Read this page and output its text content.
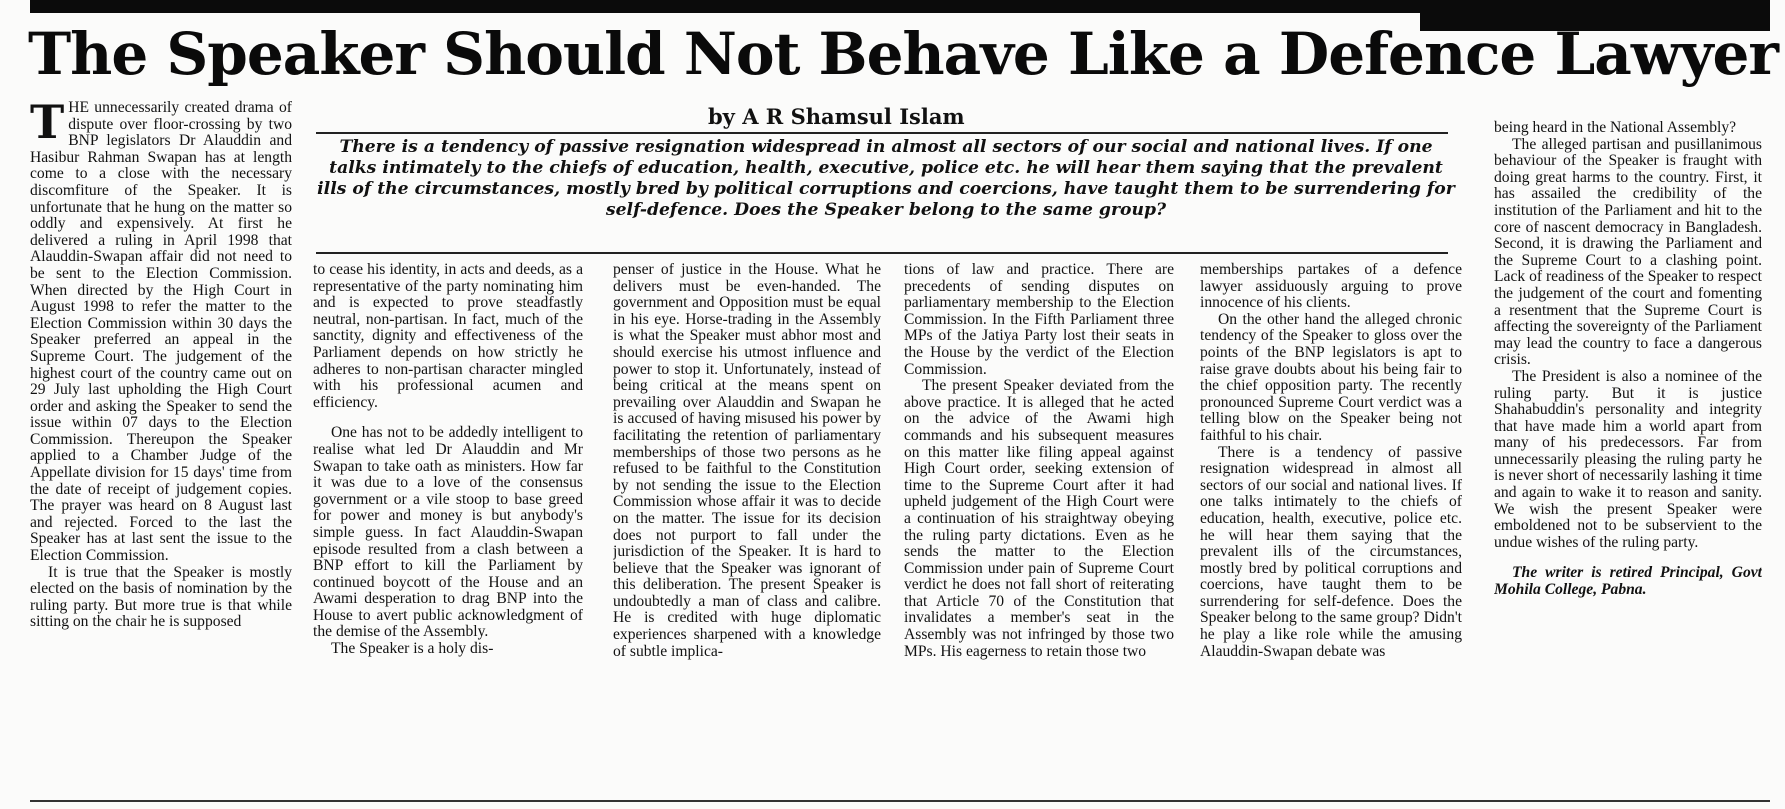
The Speaker Should Not Behave Like a Defence Lawyer
by A R Shamsul Islam

There is a tendency of passive resignation widespread in almost all sectors of our social and national lives. If one talks intimately to the chiefs of education, health, executive, police etc. he will hear them saying that the prevalent ills of the circumstances, mostly bred by political corruptions and coercions, have taught them to be surrendering for self-defence. Does the Speaker belong to the same group?

THE unnecessarily created drama of dispute over floor-crossing by two BNP legislators Dr Alauddin and Hasibur Rahman Swapan has at length come to a close with the necessary discomfiture of the Speaker. It is unfortunate that he hung on the matter so oddly and expensively. At first he delivered a ruling in April 1998 that Alauddin-Swapan affair did not need to be sent to the Election Commission. When directed by the High Court in August 1998 to refer the matter to the Election Commission within 30 days the Speaker preferred an appeal in the Supreme Court. The judgement of the highest court of the country came out on 29 July last upholding the High Court order and asking the Speaker to send the issue within 07 days to the Election Commission. Thereupon the Speaker applied to a Chamber Judge of the Appellate division for 15 days' time from the date of receipt of judgement copies. The prayer was heard on 8 August last and rejected. Forced to the last the Speaker has at last sent the issue to the Election Commission.

It is true that the Speaker is mostly elected on the basis of nomination by the ruling party. But more true is that while sitting on the chair he is supposed

to cease his identity, in acts and deeds, as a representative of the party nominating him and is expected to prove steadfastly neutral, non-partisan. In fact, much of the sanctity, dignity and effectiveness of the Parliament depends on how strictly he adheres to non-partisan character mingled with his professional acumen and efficiency.

One has not to be addedly intelligent to realise what led Dr Alauddin and Mr Swapan to take oath as ministers. How far it was due to a love of the consensus government or a vile stoop to base greed for power and money is but anybody's simple guess. In fact Alauddin-Swapan episode resulted from a clash between a BNP effort to kill the Parliament by continued boycott of the House and an Awami desperation to drag BNP into the House to avert public acknowledgment of the demise of the Assembly.

The Speaker is a holy dis-

penser of justice in the House. What he delivers must be even-handed. The government and Opposition must be equal in his eye. Horse-trading in the Assembly is what the Speaker must abhor most and should exercise his utmost influence and power to stop it. Unfortunately, instead of being critical at the means spent on prevailing over Alauddin and Swapan he is accused of having misused his power by facilitating the retention of parliamentary memberships of those two persons as he refused to be faithful to the Constitution by not sending the issue to the Election Commission whose affair it was to decide on the matter. The issue for its decision does not purport to fall under the jurisdiction of the Speaker. It is hard to believe that the Speaker was ignorant of this deliberation. The present Speaker is undoubtedly a man of class and calibre. He is credited with huge diplomatic experiences sharpened with a knowledge of subtle implica-

tions of law and practice. There are precedents of sending disputes on parliamentary membership to the Election Commission. In the Fifth Parliament three MPs of the Jatiya Party lost their seats in the House by the verdict of the Election Commission.

The present Speaker deviated from the above practice. It is alleged that he acted on the advice of the Awami high commands and his subsequent measures on this matter like filing appeal against High Court order, seeking extension of time to the Supreme Court after it had upheld judgement of the High Court were a continuation of his straightway obeying the ruling party dictations. Even as he sends the matter to the Election Commission under pain of Supreme Court verdict he does not fall short of reiterating that Article 70 of the Constitution that invalidates a member's seat in the Assembly was not infringed by those two MPs. His eagerness to retain those two

memberships partakes of a defence lawyer assiduously arguing to prove innocence of his clients.

On the other hand the alleged chronic tendency of the Speaker to gloss over the points of the BNP legislators is apt to raise grave doubts about his being fair to the chief opposition party. The recently pronounced Supreme Court verdict was a telling blow on the Speaker being not faithful to his chair.

There is a tendency of passive resignation widespread in almost all sectors of our social and national lives. If one talks intimately to the chiefs of education, health, executive, police etc. he will hear them saying that the prevalent ills of the circumstances, mostly bred by political corruptions and coercions, have taught them to be surrendering for self-defence. Does the Speaker belong to the same group? Didn't he play a like role while the amusing Alauddin-Swapan debate was

being heard in the National Assembly?

The alleged partisan and pusillanimous behaviour of the Speaker is fraught with doing great harms to the country. First, it has assailed the credibility of the institution of the Parliament and hit to the core of nascent democracy in Bangladesh. Second, it is drawing the Parliament and the Supreme Court to a clashing point. Lack of readiness of the Speaker to respect the judgement of the court and fomenting a resentment that the Supreme Court is affecting the sovereignty of the Parliament may lead the country to face a dangerous crisis.

The President is also a nominee of the ruling party. But it is justice Shahabuddin's personality and integrity that have made him a world apart from many of his predecessors. Far from unnecessarily pleasing the ruling party he is never short of necessarily lashing it time and again to wake it to reason and sanity. We wish the present Speaker were emboldened not to be subservient to the undue wishes of the ruling party.

The writer is retired Principal, Govt Mohila College, Pabna.
